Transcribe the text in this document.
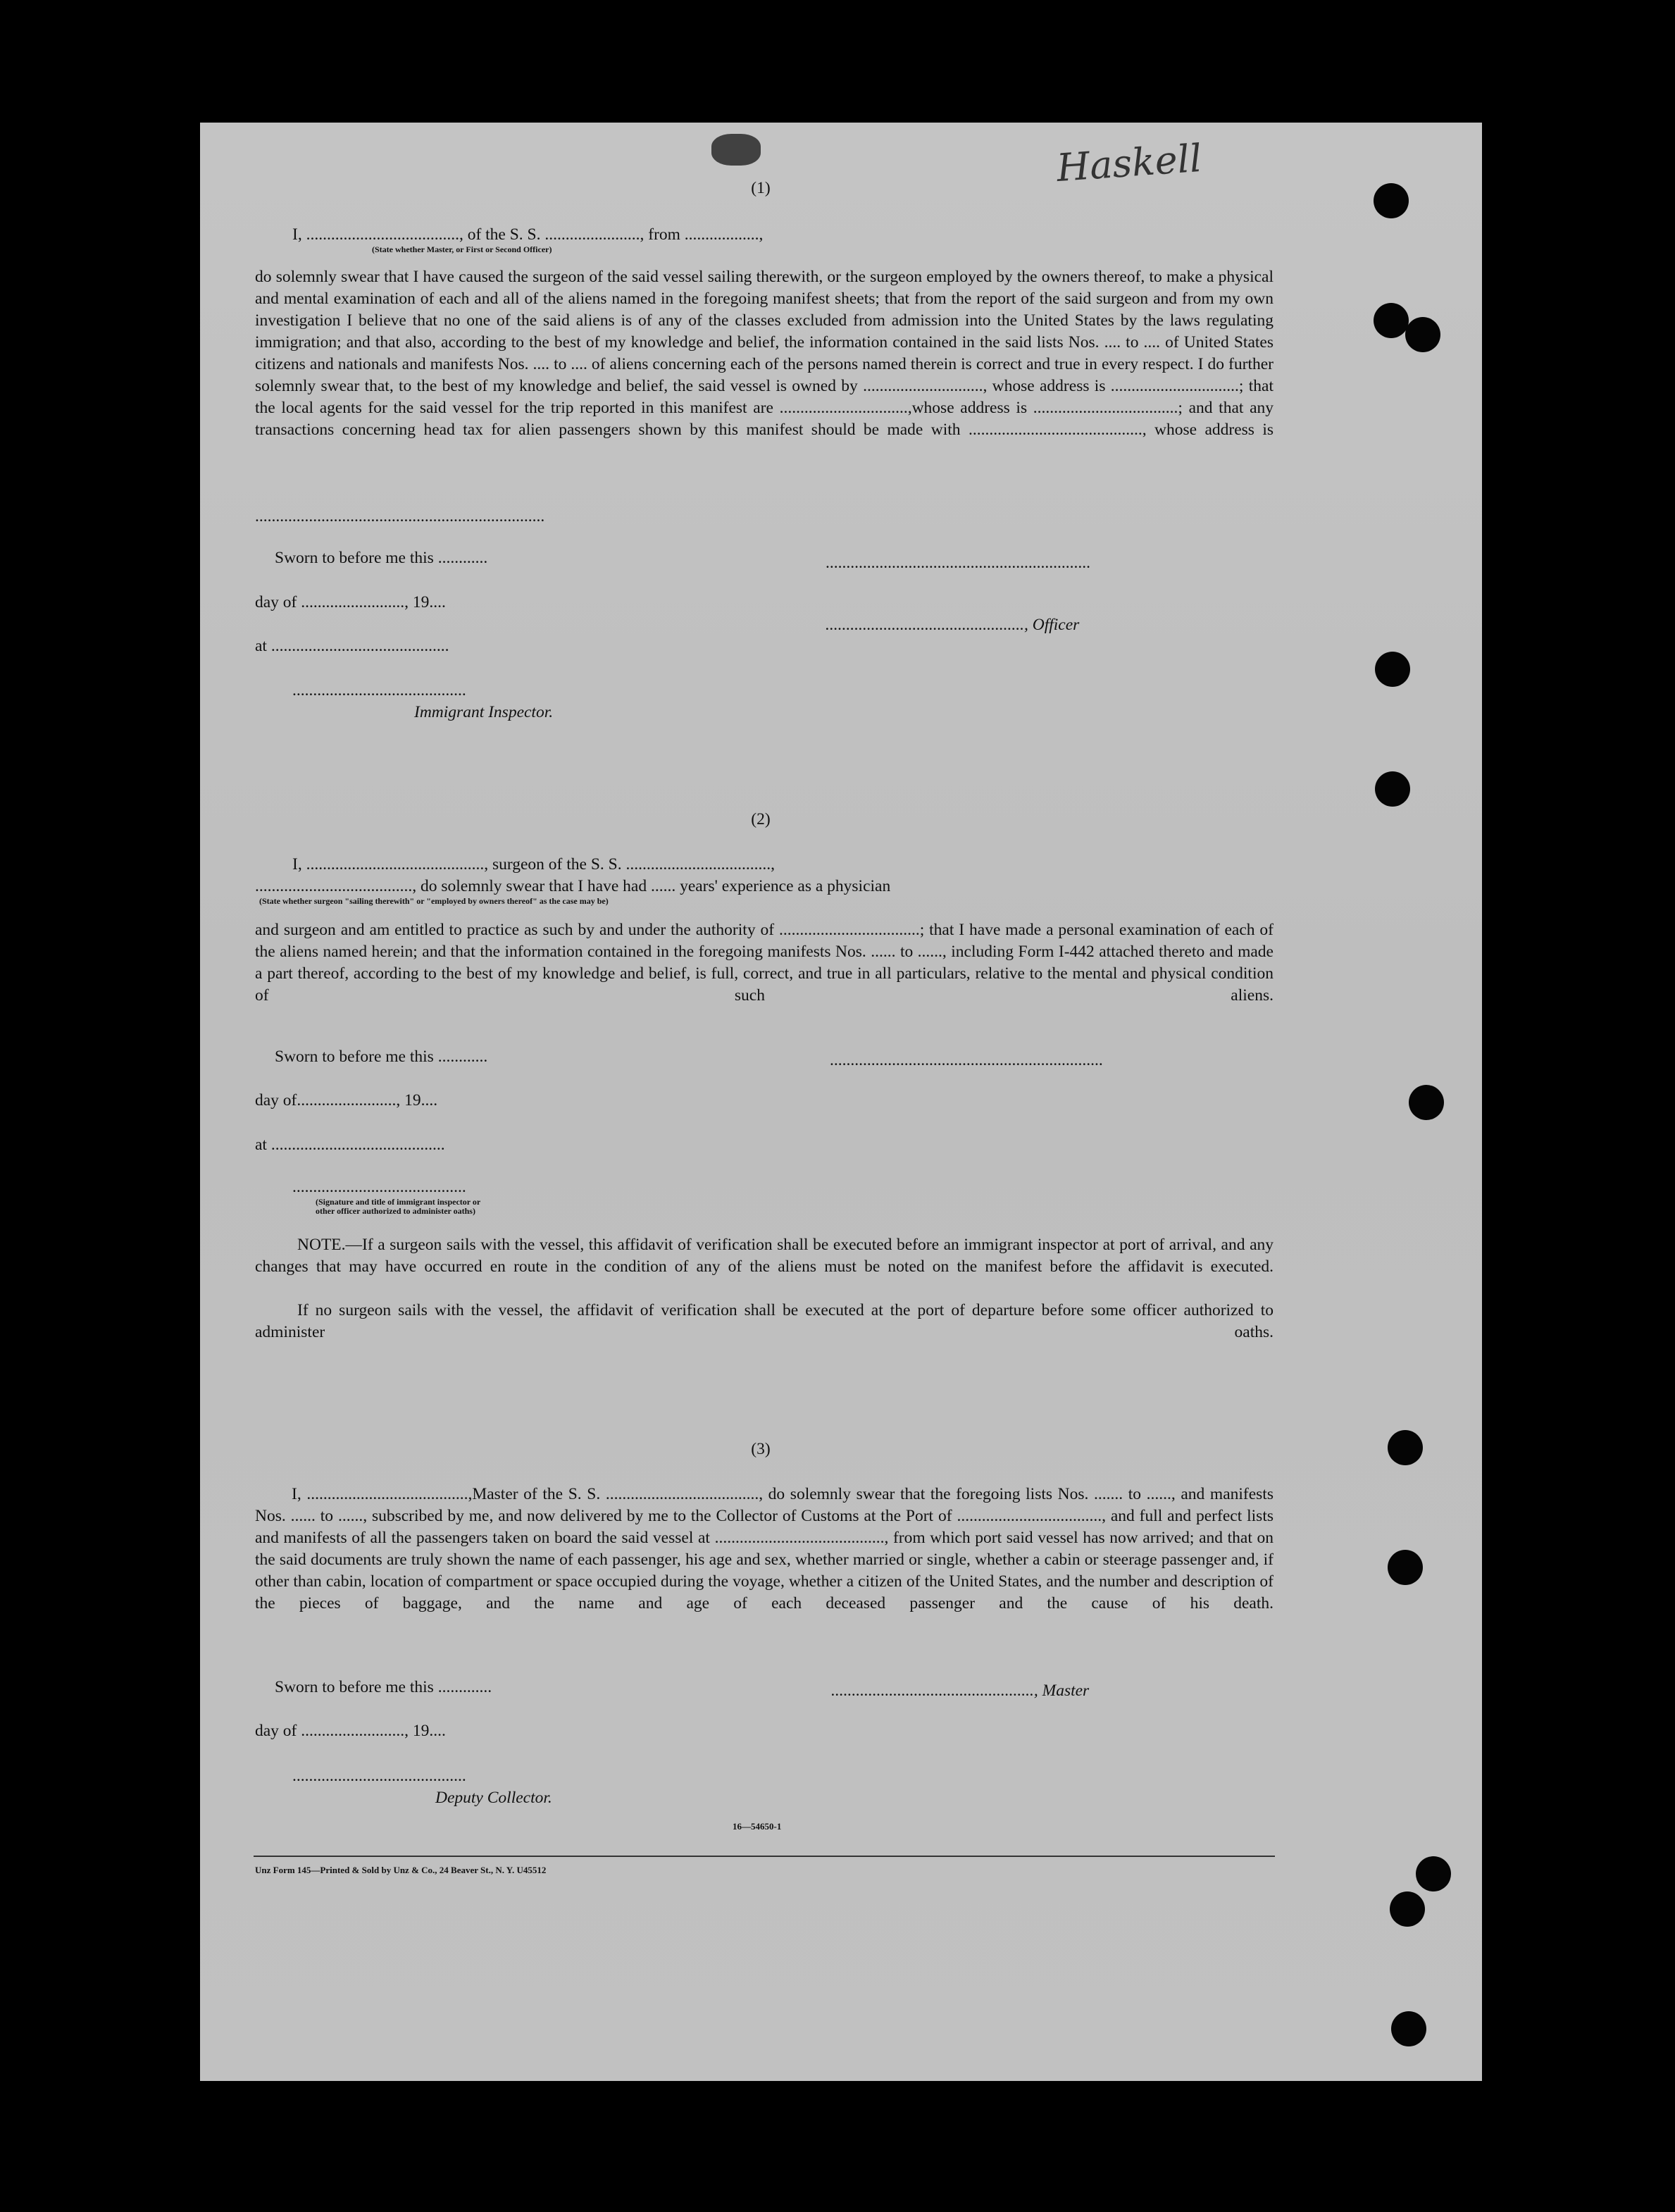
Haskell
(1)
I, ....................................., of the S. S. ......................., from ..................,
(State whether Master, or First or Second Officer)
do solemnly swear that I have caused the surgeon of the said vessel sailing therewith, or the surgeon employed by the owners thereof, to make a physical and mental examination of each and all of the aliens named in the foregoing manifest sheets; that from the report of the said surgeon and from my own investigation I believe that no one of the said aliens is of any of the classes excluded from admission into the United States by the laws regulating immigration; and that also, according to the best of my knowledge and belief, the information contained in the said lists Nos. .... to .... of United States citizens and nationals and manifests Nos. .... to .... of aliens concerning each of the persons named therein is correct and true in every respect. I do further solemnly swear that, to the best of my knowledge and belief, the said vessel is owned by ............................., whose address is ...............................; that the local agents for the said vessel for the trip reported in this manifest are ...............................,whose address is ...................................; and that any transactions concerning head tax for alien passengers shown by this manifest should be made with .........................................., whose address is
......................................................................
Sworn to before me this ............
day of ........................., 19....
at ...........................................
..........................................
Immigrant Inspector.
................................................................
................................................, Officer
(2)
I, ..........................................., surgeon of the S. S. ...................................,
......................................, do solemnly swear that I have had ...... years' experience as a physician
(State whether surgeon "sailing therewith" or "employed by owners thereof" as the case may be)
and surgeon and am entitled to practice as such by and under the authority of ..................................; that I have made a personal examination of each of the aliens named herein; and that the information contained in the foregoing manifests Nos. ...... to ......, including Form I-442 attached thereto and made a part thereof, according to the best of my knowledge and belief, is full, correct, and true in all particulars, relative to the mental and physical condition of such aliens.
Sworn to before me this ............
day of........................, 19....
at ..........................................
..........................................
(Signature and title of immigrant inspector or
other officer authorized to administer oaths)
..................................................................
NOTE.—If a surgeon sails with the vessel, this affidavit of verification shall be executed before an immigrant inspector at port of arrival, and any changes that may have occurred en route in the condition of any of the aliens must be noted on the manifest before the affidavit is executed.
If no surgeon sails with the vessel, the affidavit of verification shall be executed at the port of departure before some officer authorized to administer oaths.
(3)
I, .......................................,Master of the S. S. ....................................., do solemnly swear that the foregoing lists Nos. ....... to ......, and manifests Nos. ...... to ......, subscribed by me, and now delivered by me to the Collector of Customs at the Port of ..................................., and full and perfect lists and manifests of all the passengers taken on board the said vessel at ........................................., from which port said vessel has now arrived; and that on the said documents are truly shown the name of each passenger, his age and sex, whether married or single, whether a cabin or steerage passenger and, if other than cabin, location of compartment or space occupied during the voyage, whether a citizen of the United States, and the number and description of the pieces of baggage, and the name and age of each deceased passenger and the cause of his death.
Sworn to before me this .............
day of ........................., 19....
..........................................
Deputy Collector.
................................................., Master
16—54650-1
Unz Form 145—Printed & Sold by Unz & Co., 24 Beaver St., N. Y. U45512
